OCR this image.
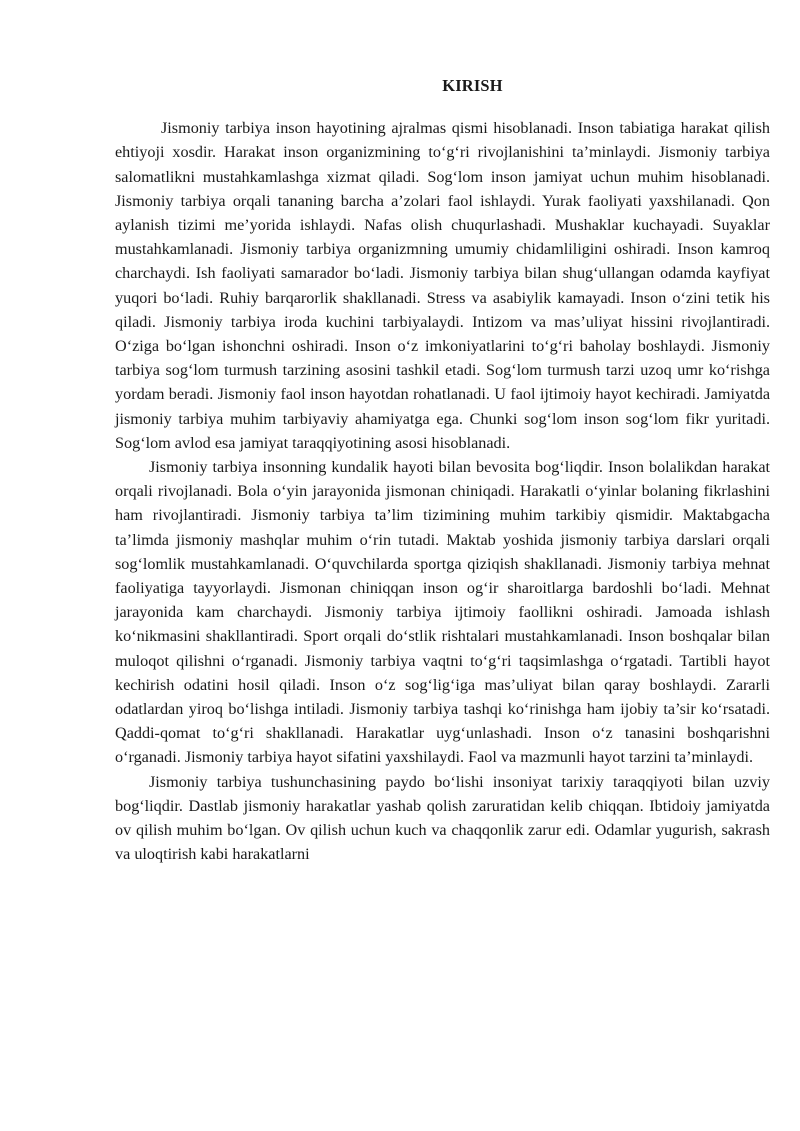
KIRISH

Jismoniy tarbiya inson hayotining ajralmas qismi hisoblanadi. Inson tabiatiga harakat qilish ehtiyoji xosdir. Harakat inson organizmining to‘g‘ri rivojlanishini ta’minlaydi. Jismoniy tarbiya salomatlikni mustahkamlashga xizmat qiladi. Sog‘lom inson jamiyat uchun muhim hisoblanadi. Jismoniy tarbiya orqali tananing barcha a’zolari faol ishlaydi. Yurak faoliyati yaxshilanadi. Qon aylanish tizimi me’yorida ishlaydi. Nafas olish chuqurlashadi. Mushaklar kuchayadi. Suyaklar mustahkamlanadi. Jismoniy tarbiya organizmning umumiy chidamliligini oshiradi. Inson kamroq charchaydi. Ish faoliyati samarador bo‘ladi. Jismoniy tarbiya bilan shug‘ullangan odamda kayfiyat yuqori bo‘ladi. Ruhiy barqarorlik shakllanadi. Stress va asabiylik kamayadi. Inson o‘zini tetik his qiladi. Jismoniy tarbiya iroda kuchini tarbiyalaydi. Intizom va mas’uliyat hissini rivojlantiradi. O‘ziga bo‘lgan ishonchni oshiradi. Inson o‘z imkoniyatlarini to‘g‘ri baholay boshlaydi. Jismoniy tarbiya sog‘lom turmush tarzining asosini tashkil etadi. Sog‘lom turmush tarzi uzoq umr ko‘rishga yordam beradi. Jismoniy faol inson hayotdan rohatlanadi. U faol ijtimoiy hayot kechiradi. Jamiyatda jismoniy tarbiya muhim tarbiyaviy ahamiyatga ega. Chunki sog‘lom inson sog‘lom fikr yuritadi. Sog‘lom avlod esa jamiyat taraqqiyotining asosi hisoblanadi.

Jismoniy tarbiya insonning kundalik hayoti bilan bevosita bog‘liqdir. Inson bolalikdan harakat orqali rivojlanadi. Bola o‘yin jarayonida jismonan chiniqadi. Harakatli o‘yinlar bolaning fikrlashini ham rivojlantiradi. Jismoniy tarbiya ta’lim tizimining muhim tarkibiy qismidir. Maktabgacha ta’limda jismoniy mashqlar muhim o‘rin tutadi. Maktab yoshida jismoniy tarbiya darslari orqali sog‘lomlik mustahkamlanadi. O‘quvchilarda sportga qiziqish shakllanadi. Jismoniy tarbiya mehnat faoliyatiga tayyorlaydi. Jismonan chiniqqan inson og‘ir sharoitlarga bardoshli bo‘ladi. Mehnat jarayonida kam charchaydi. Jismoniy tarbiya ijtimoiy faollikni oshiradi. Jamoada ishlash ko‘nikmasini shakllantiradi. Sport orqali do‘stlik rishtalari mustahkamlanadi. Inson boshqalar bilan muloqot qilishni o‘rganadi. Jismoniy tarbiya vaqtni to‘g‘ri taqsimlashga o‘rgatadi. Tartibli hayot kechirish odatini hosil qiladi. Inson o‘z sog‘lig‘iga mas’uliyat bilan qaray boshlaydi. Zararli odatlardan yiroq bo‘lishga intiladi. Jismoniy tarbiya tashqi ko‘rinishga ham ijobiy ta’sir ko‘rsatadi. Qaddi-qomat to‘g‘ri shakllanadi. Harakatlar uyg‘unlashadi. Inson o‘z tanasini boshqarishni o‘rganadi. Jismoniy tarbiya hayot sifatini yaxshilaydi. Faol va mazmunli hayot tarzini ta’minlaydi.

Jismoniy tarbiya tushunchasining paydo bo‘lishi insoniyat tarixiy taraqqiyoti bilan uzviy bog‘liqdir. Dastlab jismoniy harakatlar yashab qolish zaruratidan kelib chiqqan. Ibtidoiy jamiyatda ov qilish muhim bo‘lgan. Ov qilish uchun kuch va chaqqonlik zarur edi. Odamlar yugurish, sakrash va uloqtirish kabi harakatlarni
